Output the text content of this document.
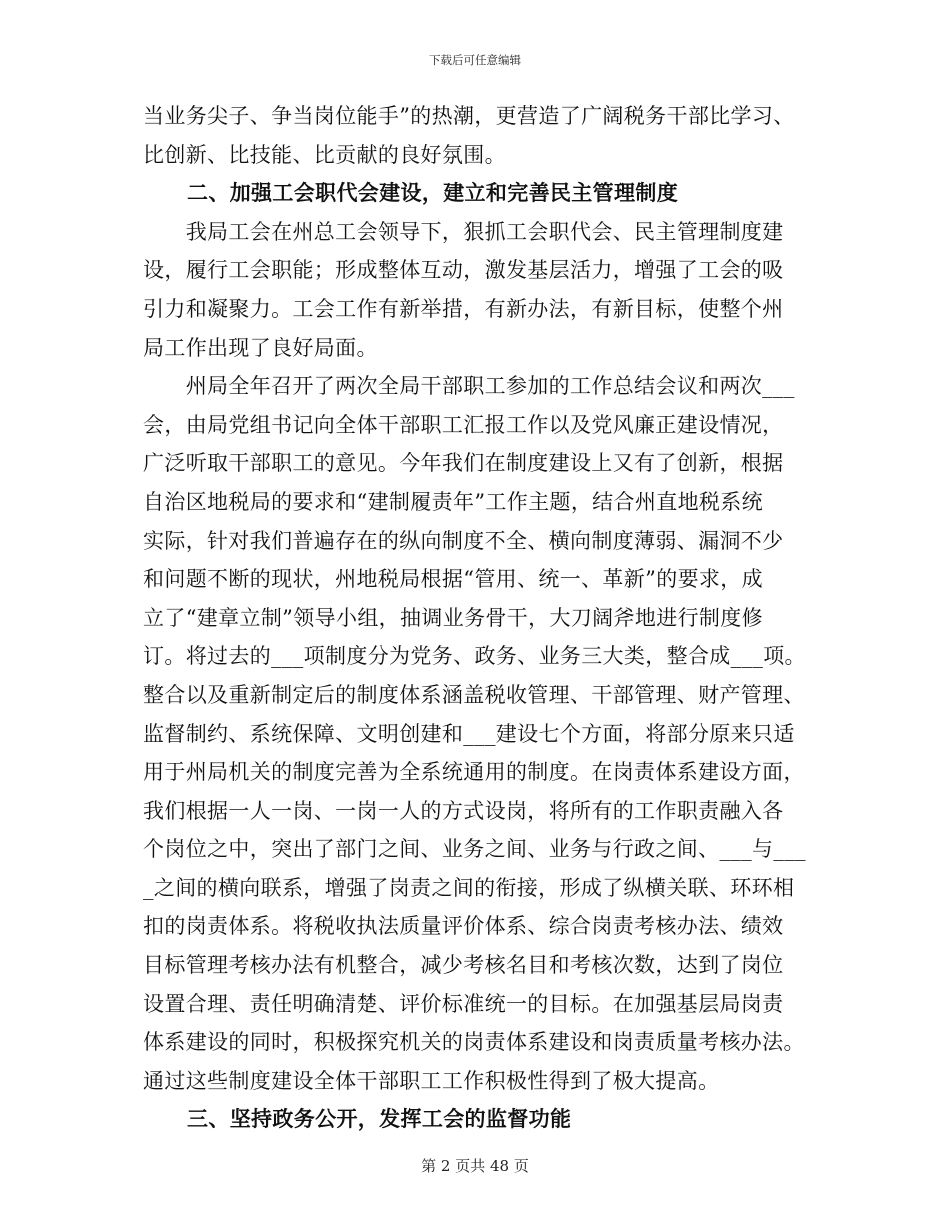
下载后可任意编辑
当业务尖子、争当岗位能手”的热潮，更营造了广阔税务干部比学习、
比创新、比技能、比贡献的良好氛围。
二、加强工会职代会建设，建立和完善民主管理制度
　　我局工会在州总工会领导下，狠抓工会职代会、民主管理制度建
设，履行工会职能；形成整体互动，激发基层活力，增强了工会的吸
引力和凝聚力。工会工作有新举措，有新办法，有新目标，使整个州
局工作出现了良好局面。
　　州局全年召开了两次全局干部职工参加的工作总结会议和两次___
会，由局党组书记向全体干部职工汇报工作以及党风廉正建设情况，
广泛听取干部职工的意见。今年我们在制度建设上又有了创新，根据
自治区地税局的要求和“建制履责年”工作主题，结合州直地税系统
实际，针对我们普遍存在的纵向制度不全、横向制度薄弱、漏洞不少
和问题不断的现状，州地税局根据“管用、统一、革新”的要求，成
立了“建章立制”领导小组，抽调业务骨干，大刀阔斧地进行制度修
订。将过去的___项制度分为党务、政务、业务三大类，整合成___项。
整合以及重新制定后的制度体系涵盖税收管理、干部管理、财产管理、
监督制约、系统保障、文明创建和___建设七个方面，将部分原来只适
用于州局机关的制度完善为全系统通用的制度。在岗责体系建设方面，
我们根据一人一岗、一岗一人的方式设岗，将所有的工作职责融入各
个岗位之中，突出了部门之间、业务之间、业务与行政之间、___与___
_之间的横向联系，增强了岗责之间的衔接，形成了纵横关联、环环相
扣的岗责体系。将税收执法质量评价体系、综合岗责考核办法、绩效
目标管理考核办法有机整合，减少考核名目和考核次数，达到了岗位
设置合理、责任明确清楚、评价标准统一的目标。在加强基层局岗责
体系建设的同时，积极探究机关的岗责体系建设和岗责质量考核办法。
通过这些制度建设全体干部职工工作积极性得到了极大提高。
三、坚持政务公开，发挥工会的监督功能
第 2 页共 48 页
